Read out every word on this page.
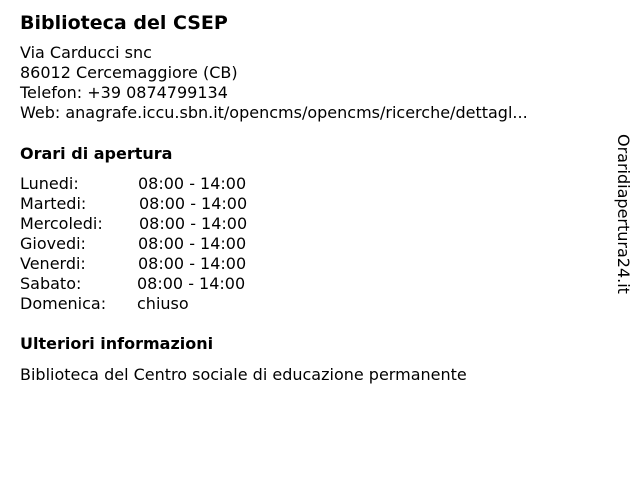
Biblioteca del CSEP
Via Carducci snc
86012 Cercemaggiore (CB)
Telefon: +39 0874799134
Web: anagrafe.iccu.sbn.it/opencms/opencms/ricerche/dettagl...
Orari di apertura
Lunedi:	08:00 - 14:00
Martedi:	08:00 - 14:00
Mercoledi: 08:00 - 14:00
Giovedi:	08:00 - 14:00
Venerdi:	08:00 - 14:00
Sabato:	08:00 - 14:00
Domenica: chiuso
Ulteriori informazioni
Biblioteca del Centro sociale di educazione permanente
Oraridiapertura24.it
